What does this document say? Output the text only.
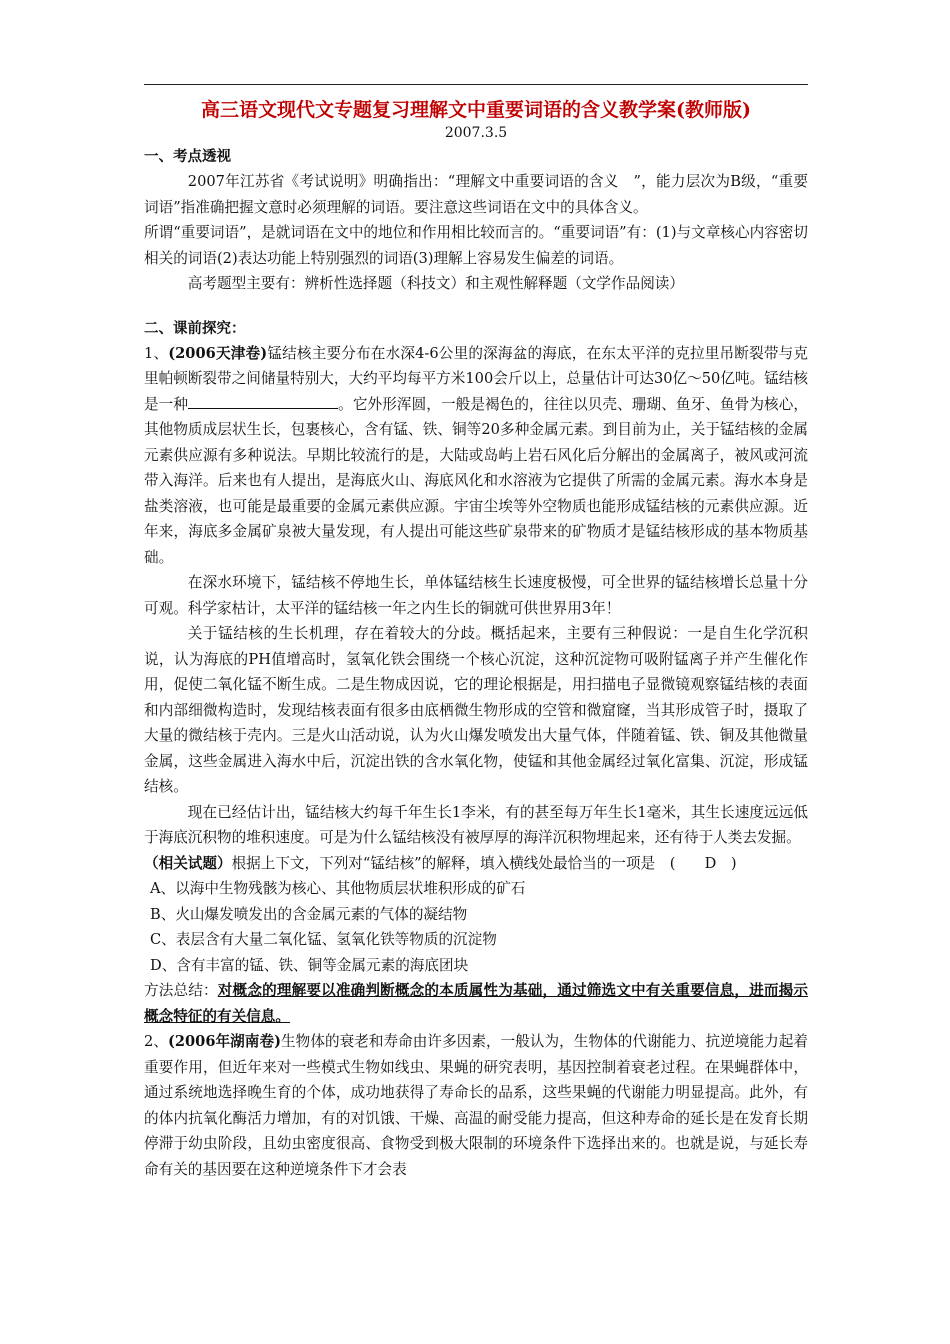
高三语文现代文专题复习理解文中重要词语的含义教学案(教师版)

2007.3.5

一、考点透视

2007年江苏省《考试说明》明确指出：“理解文中重要词语的含义　”，能力层次为B级，“重要词语”指准确把握文意时必须理解的词语。要注意这些词语在文中的具体含义。

所谓“重要词语”，是就词语在文中的地位和作用相比较而言的。“重要词语”有：(1)与文章核心内容密切相关的词语(2)表达功能上特别强烈的词语(3)理解上容易发生偏差的词语。

高考题型主要有：辨析性选择题（科技文）和主观性解释题（文学作品阅读）

二、课前探究：

1、(2006天津卷)锰结核主要分布在水深4-6公里的深海盆的海底，在东太平洋的克拉里吊断裂带与克里帕顿断裂带之间储量特别大，大约平均每平方米100会斤以上，总量估计可达30亿～50亿吨。锰结核是一种	。它外形浑圆，一般是褐色的，往往以贝壳、珊瑚、鱼牙、鱼骨为核心，其他物质成层状生长，包裹核心，含有锰、铁、铜等20多种金属元素。到目前为止，关于锰结核的金属元素供应源有多种说法。早期比较流行的是，大陆或岛屿上岩石风化后分解出的金属离子，被风或河流带入海洋。后来也有人提出，是海底火山、海底风化和水溶液为它提供了所需的金属元素。海水本身是盐类溶液，也可能是最重要的金属元素供应源。宇宙尘埃等外空物质也能形成锰结核的元素供应源。近年来，海底多金属矿泉被大量发现，有人提出可能这些矿泉带来的矿物质才是锰结核形成的基本物质基础。

在深水环境下，锰结核不停地生长，单体锰结核生长速度极慢，可全世界的锰结核增长总量十分可观。科学家枯计，太平洋的锰结核一年之内生长的铜就可供世界用3年！

关于锰结核的生长机理，存在着较大的分歧。概括起来，主要有三种假说：一是自生化学沉积说，认为海底的PH值增高时，氢氧化铁会围绕一个核心沉淀，这种沉淀物可吸附锰离子并产生催化作用，促使二氧化锰不断生成。二是生物成因说，它的理论根据是，用扫描电子显微镜观察锰结核的表面和内部细微构造时，发现结核表面有很多由底栖微生物形成的空管和微窟窿，当其形成管子时，摄取了大量的微结核于壳内。三是火山活动说，认为火山爆发喷发出大量气体，伴随着锰、铁、铜及其他微量金属，这些金属进入海水中后，沉淀出铁的含水氧化物，使锰和其他金属经过氧化富集、沉淀，形成锰结核。

现在已经估计出，锰结核大约每千年生长1李米，有的甚至每万年生长1毫米，其生长速度远远低于海底沉积物的堆积速度。可是为什么锰结核没有被厚厚的海洋沉积物埋起来，还有待于人类去发掘。

（相关试题）根据上下文，下列对“锰结核”的解释，填入横线处最恰当的一项是　(　　D　)

A、以海中生物残骸为核心、其他物质层状堆积形成的矿石

B、火山爆发喷发出的含金属元素的气体的凝结物

C、表层含有大量二氧化锰、氢氧化铁等物质的沉淀物

D、含有丰富的锰、铁、铜等金属元素的海底团块

方法总结：对概念的理解要以准确判断概念的本质属性为基础，通过筛选文中有关重要信息，进而揭示概念特征的有关信息。

2、(2006年湖南卷)生物体的衰老和寿命由许多因素，一般认为，生物体的代谢能力、抗逆境能力起着重要作用，但近年来对一些模式生物如线虫、果蝇的研究表明，基因控制着衰老过程。在果蝇群体中，通过系统地选择晚生育的个体，成功地获得了寿命长的品系，这些果蝇的代谢能力明显提高。此外，有的体内抗氧化酶活力增加，有的对饥饿、干燥、高温的耐受能力提高，但这种寿命的延长是在发育长期停滞于幼虫阶段，且幼虫密度很高、食物受到极大限制的环境条件下选择出来的。也就是说，与延长寿命有关的基因要在这种逆境条件下才会表
